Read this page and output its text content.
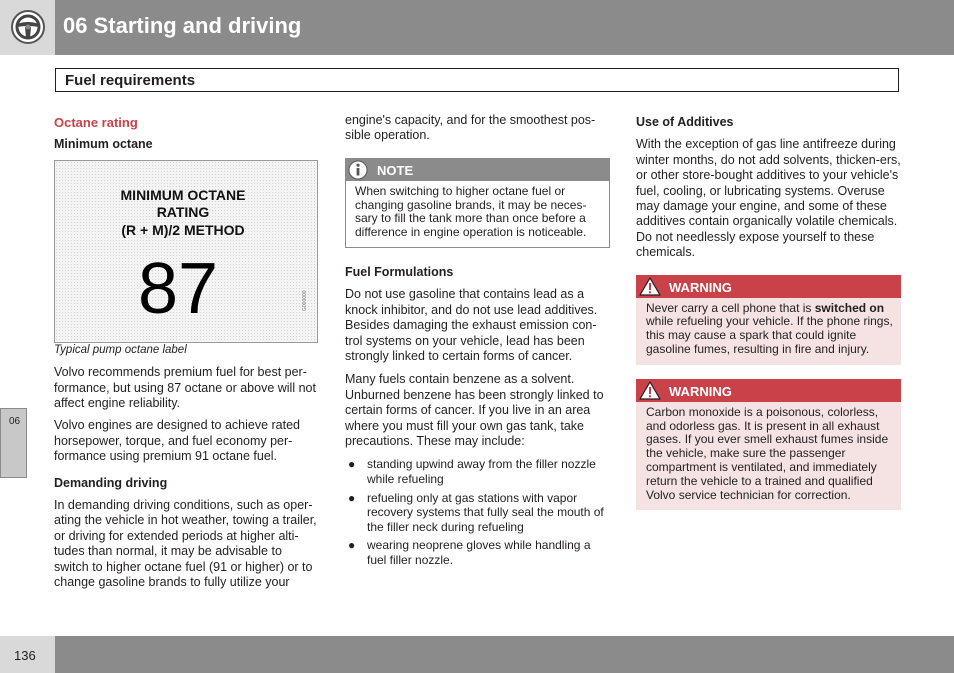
06 Starting and driving
Fuel requirements
06

Octane rating

Minimum octane

MINIMUM OCTANE
RATING
(R + M)/2 METHOD
87	G000000

Typical pump octane label

Volvo recommends premium fuel for best per-formance, but using 87 octane or above will not affect engine reliability.

Volvo engines are designed to achieve rated horsepower, torque, and fuel economy per-formance using premium 91 octane fuel.

Demanding driving

In demanding driving conditions, such as oper-ating the vehicle in hot weather, towing a trailer, or driving for extended periods at higher alti-tudes than normal, it may be advisable to switch to higher octane fuel (91 or higher) or to change gasoline brands to fully utilize your

engine's capacity, and for the smoothest pos-sible operation.

NOTE
When switching to higher octane fuel or changing gasoline brands, it may be neces-sary to fill the tank more than once before a difference in engine operation is noticeable.

Fuel Formulations

Do not use gasoline that contains lead as a knock inhibitor, and do not use lead additives. Besides damaging the exhaust emission con-trol systems on your vehicle, lead has been strongly linked to certain forms of cancer.

Many fuels contain benzene as a solvent. Unburned benzene has been strongly linked to certain forms of cancer. If you live in an area where you must fill your own gas tank, take precautions. These may include:

● standing upwind away from the filler nozzle while refueling
● refueling only at gas stations with vapor recovery systems that fully seal the mouth of the filler neck during refueling
● wearing neoprene gloves while handling a fuel filler nozzle.

Use of Additives

With the exception of gas line antifreeze during winter months, do not add solvents, thicken-ers, or other store-bought additives to your vehicle's fuel, cooling, or lubricating systems. Overuse may damage your engine, and some of these additives contain organically volatile chemicals. Do not needlessly expose yourself to these chemicals.

WARNING
Never carry a cell phone that is switched on while refueling your vehicle. If the phone rings, this may cause a spark that could ignite gasoline fumes, resulting in fire and injury.
WARNING
Carbon monoxide is a poisonous, colorless, and odorless gas. It is present in all exhaust gases. If you ever smell exhaust fumes inside the vehicle, make sure the passenger compartment is ventilated, and immediately return the vehicle to a trained and qualified Volvo service technician for correction.
136
